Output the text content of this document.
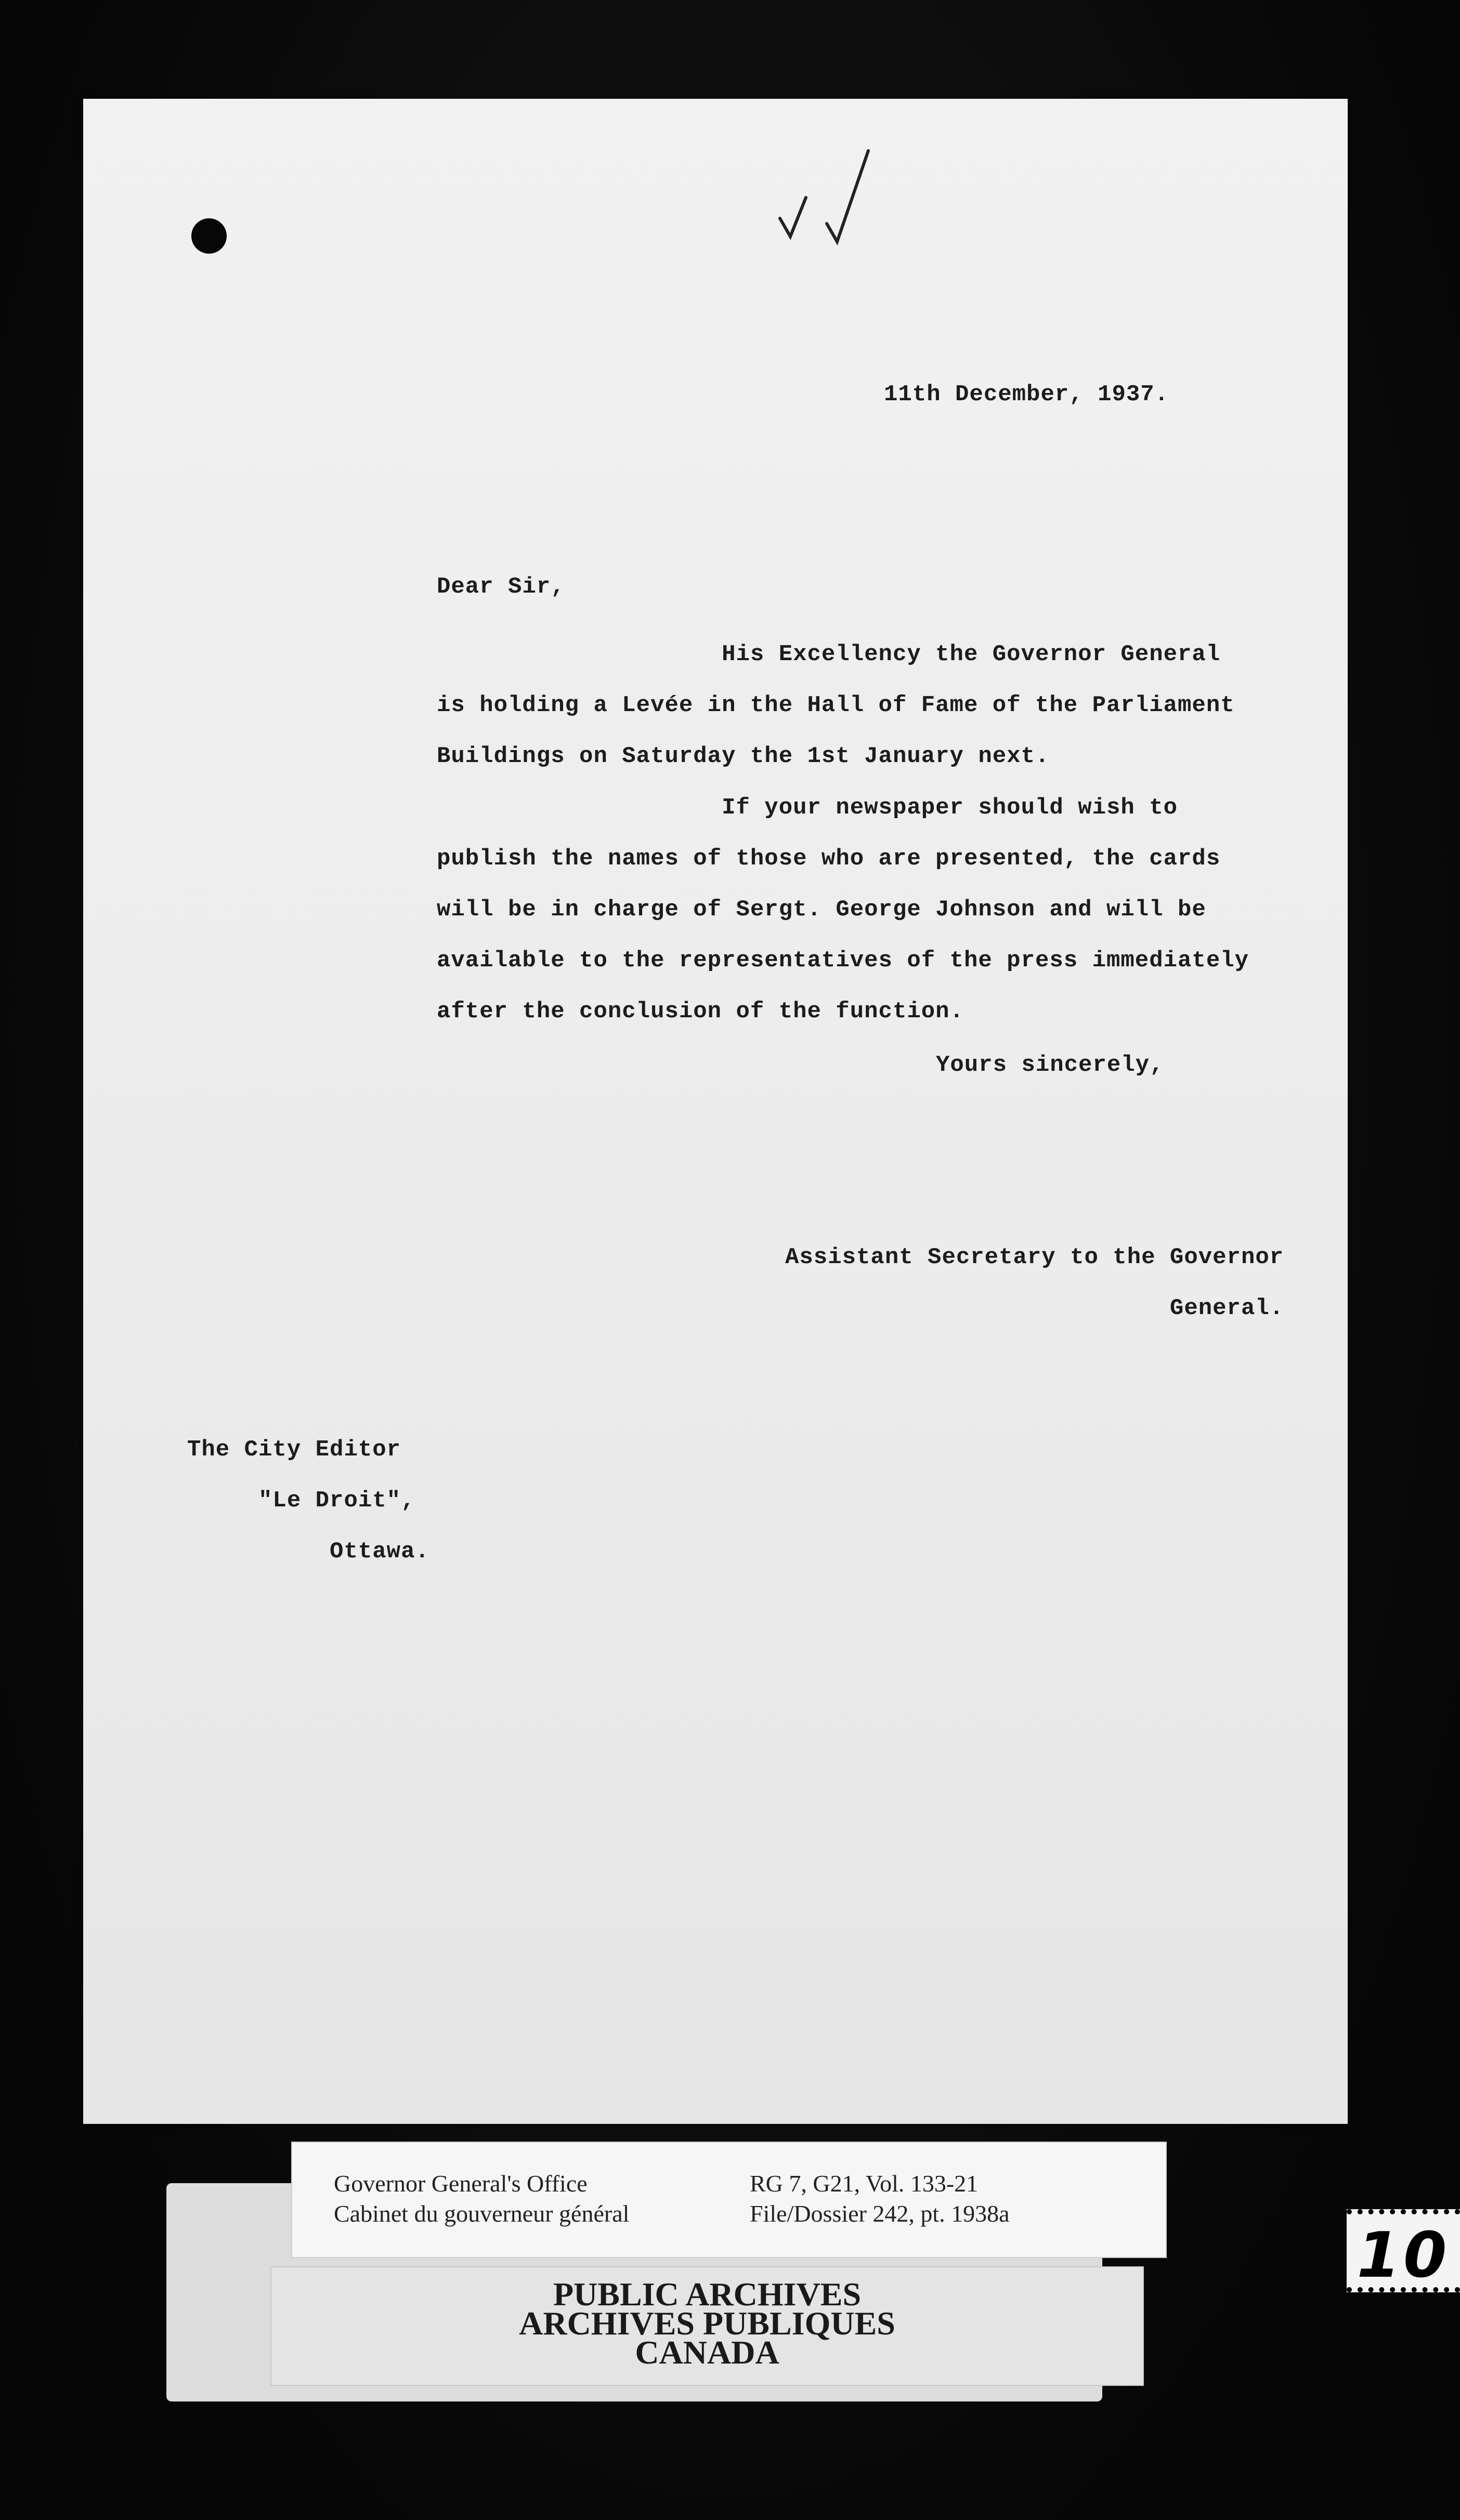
11th December, 1937.
Dear Sir,
His Excellency the Governor General
is holding a Levée in the Hall of Fame of the Parliament
Buildings on Saturday the 1st January next.
If your newspaper should wish to
publish the names of those who are presented, the cards
will be in charge of Sergt. George Johnson and will be
available to the representatives of the press immediately
after the conclusion of the function.
Yours sincerely,
Assistant Secretary to the Governor
General.
The City Editor
"Le Droit",
Ottawa.
Governor General's Office
Cabinet du gouverneur général
RG 7, G21, Vol. 133-21
File/Dossier 242, pt. 1938a
PUBLIC ARCHIVES
ARCHIVES PUBLIQUES
CANADA
10
